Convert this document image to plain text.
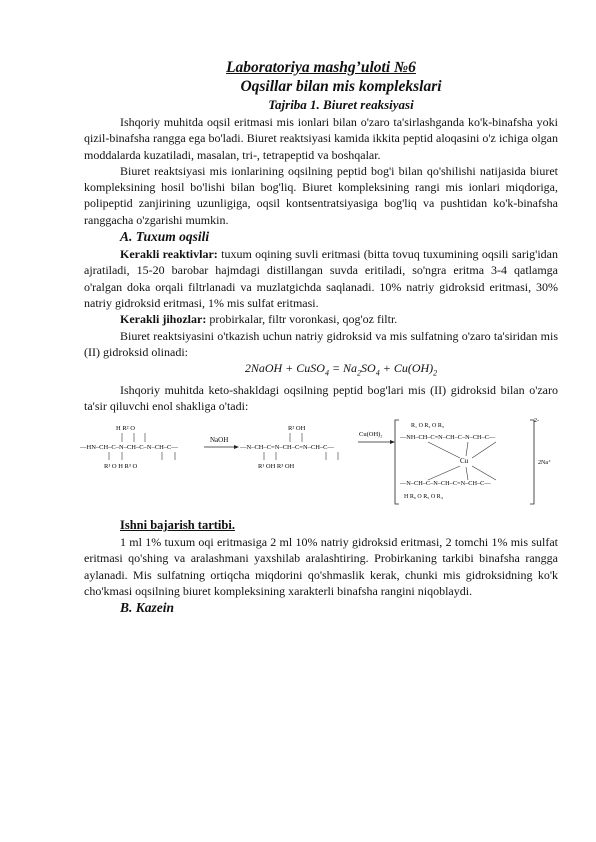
Laboratoriya mashg’uloti №6
Oqsillar bilan mis komplekslari
Tajriba 1. Biuret reaksiyasi

Ishqoriy muhitda oqsil eritmasi mis ionlari bilan o'zaro ta'sirlashganda ko'k-binafsha yoki qizil-binafsha rangga ega bo'ladi. Biuret reaktsiyasi kamida ikkita peptid aloqasini o'z ichiga olgan moddalarda kuzatiladi, masalan, tri-, tetrapeptid va boshqalar.

Biuret reaktsiyasi mis ionlarining oqsilning peptid bog'i bilan qo'shilishi natijasida biuret kompleksining hosil bo'lishi bilan bog'liq. Biuret kompleksining rangi mis ionlari miqdoriga, polipeptid zanjirining uzunligiga, oqsil kontsentratsiyasiga bog'liq va pushtidan ko'k-binafsha ranggacha o'zgarishi mumkin.

A. Tuxum oqsili

Kerakli reaktivlar: tuxum oqining suvli eritmasi (bitta tovuq tuxumining oqsili sarig'idan ajratiladi, 15-20 barobar hajmdagi distillangan suvda eritiladi, so'ngra eritma 3-4 qatlamga o'ralgan doka orqali filtrlanadi va muzlatgichda saqlanadi. 10% natriy gidroksid eritmasi, 30% natriy gidroksid eritmasi, 1% mis sulfat eritmasi.

Kerakli jihozlar: probirkalar, filtr voronkasi, qog'oz filtr.

Biuret reaktsiyasini o'tkazish uchun natriy gidroksid va mis sulfatning o'zaro ta'siridan mis (II) gidroksid olinadi:

2NaOH + CuSO$_4$ = $Na_2SO_4 + Cu(OH)_2$

Ishqoriy muhitda keto-shakldagi oqsilning peptid bog'lari mis (II) gidroksid bilan o'zaro ta'sir qiluvchi enol shakliga o'tadi:

H R² O
—HN–CH–C–N–CH–C–N–CH–C—
R¹ O H R³ O
NaOH
R² OH
—N–CH–C=N–CH–C=N–CH–C—
R¹ OH R³ OH
Cu(OH)₂
2-
2Na⁺
R₁ O R₂ O R₃
—NH–CH–C=N–CH–C–N–CH–C—
Cu
—N–CH–C–N–CH–C=N–CH–C—
H R₆ O R₅ O R₄
Ishni bajarish tartibi.

1 ml 1% tuxum oqi eritmasiga 2 ml 10% natriy gidroksid eritmasi, 2 tomchi 1% mis sulfat eritmasi qo'shing va aralashmani yaxshilab aralashtiring. Probirkaning tarkibi binafsha rangga aylanadi. Mis sulfatning ortiqcha miqdorini qo'shmaslik kerak, chunki mis gidroksidning ko'k cho'kmasi oqsilning biuret kompleksining xarakterli binafsha rangini niqoblaydi.

B. Kazein
